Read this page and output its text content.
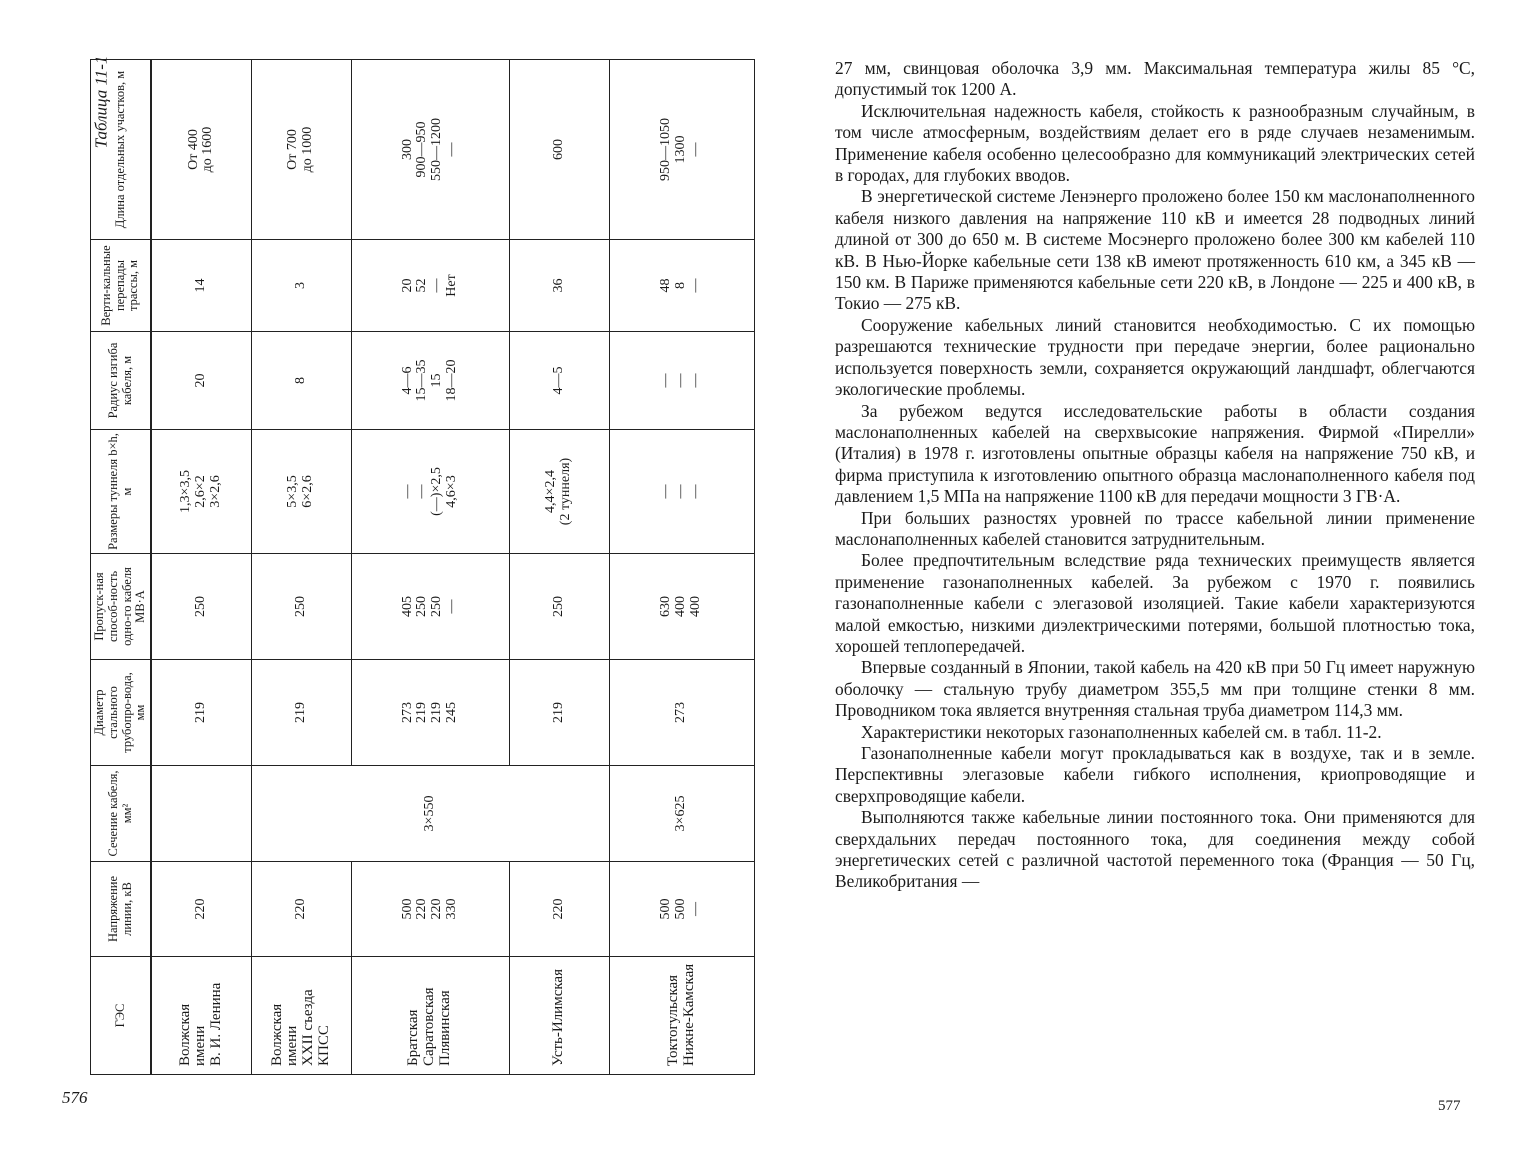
Таблица 11-1
ГЭС	Напряжение линии, кВ	Сечение кабеля, мм²	Диаметр стального трубопро-вода, мм	Пропуск-ная способ-ность одно-го кабеля МВ·А	Размеры туннеля b×h, м	Радиус изгиба кабеля, м	Верти-кальные перепады трассы, м	Длина отдельных участков, м

Волжская имени В. И. Ленина	220		219	250	1,3×3,5 2,6×2 3×2,6	20	14	От 400 до 1600

Волжская имени XXII съезда КПСС	220	3×550	219	250	5×3,5 6×2,6	8	3	От 700 до 1000

Братская Саратовская Плявинская	500 220 220 330		273 219 219 245	405 250 250 —	— — (—)×2,5 4,6×3	4—6 15—35 15 18—20	20 52 — Нет	300 900—950 550—1200 —

Усть-Илимская	220		219	250	4,4×2,4 (2 туннеля)	4—5	36	600

Токтогульская Нижне-Камская	500 500 —	3×625	273	630 400 400	— — —	— — —	48 8 —	950—1050 1300 —
576

27 мм, свинцовая оболочка 3,9 мм. Максимальная температура жилы 85 °С, допустимый ток 1200 А.

Исключительная надежность кабеля, стойкость к разнообразным случайным, в том числе атмосферным, воздействиям делает его в ряде случаев незаменимым. Применение кабеля особенно целесообразно для коммуникаций электрических сетей в городах, для глубоких вводов.

В энергетической системе Ленэнерго проложено более 150 км маслонаполненного кабеля низкого давления на напряжение 110 кВ и имеется 28 подводных линий длиной от 300 до 650 м. В системе Мосэнерго проложено более 300 км кабелей 110 кВ. В Нью-Йорке кабельные сети 138 кВ имеют протяженность 610 км, а 345 кВ — 150 км. В Париже применяются кабельные сети 220 кВ, в Лондоне — 225 и 400 кВ, в Токио — 275 кВ.

Сооружение кабельных линий становится необходимостью. С их помощью разрешаются технические трудности при передаче энергии, более рационально используется поверхность земли, сохраняется окружающий ландшафт, облегчаются экологические проблемы.

За рубежом ведутся исследовательские работы в области создания маслонаполненных кабелей на сверхвысокие напряжения. Фирмой «Пирелли» (Италия) в 1978 г. изготовлены опытные образцы кабеля на напряжение 750 кВ, и фирма приступила к изготовлению опытного образца маслонаполненного кабеля под давлением 1,5 МПа на напряжение 1100 кВ для передачи мощности 3 ГВ·А.

При больших разностях уровней по трассе кабельной линии применение маслонаполненных кабелей становится затруднительным.

Более предпочтительным вследствие ряда технических преимуществ является применение газонаполненных кабелей. За рубежом с 1970 г. появились газонаполненные кабели с элегазовой изоляцией. Такие кабели характеризуются малой емкостью, низкими диэлектрическими потерями, большой плотностью тока, хорошей теплопередачей.

Впервые созданный в Японии, такой кабель на 420 кВ при 50 Гц имеет наружную оболочку — стальную трубу диаметром 355,5 мм при толщине стенки 8 мм. Проводником тока является внутренняя стальная труба диаметром 114,3 мм.

Характеристики некоторых газонаполненных кабелей см. в табл. 11-2.

Газонаполненные кабели могут прокладываться как в воздухе, так и в земле. Перспективны элегазовые кабели гибкого исполнения, криопроводящие и сверхпроводящие кабели.

Выполняются также кабельные линии постоянного тока. Они применяются для сверхдальних передач постоянного тока, для соединения между собой энергетических сетей с различной частотой переменного тока (Франция — 50 Гц, Великобритания —

577
